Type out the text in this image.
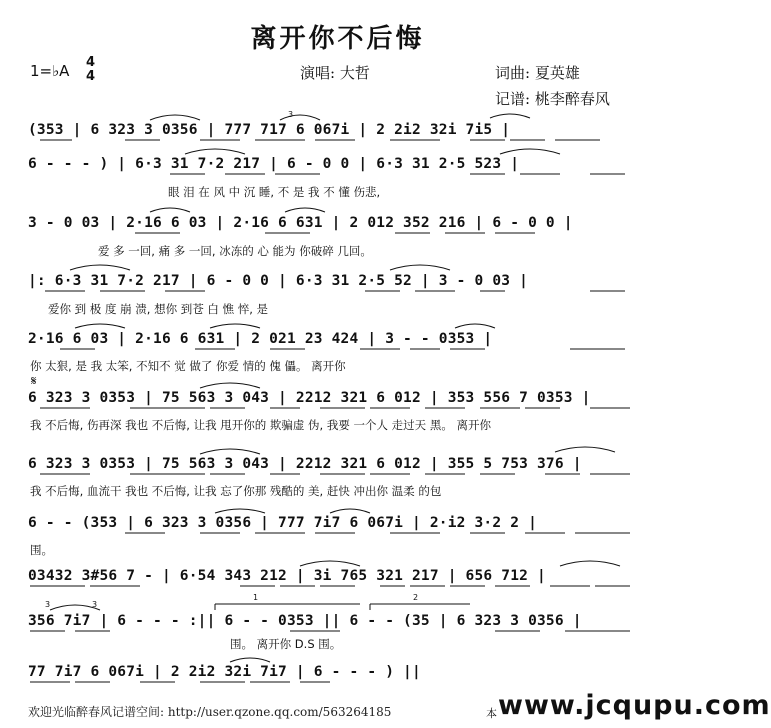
离开你不后悔
1=♭A 4
4	演唱: 大哲	词曲: 夏英雄
记谱: 桃李醉春风
(353 | 6 323 3 0356 | 777 717 6 067i | 2 2i2 32i 7i5 |
6 - - - ) | 6·3 31 7·2 217 | 6 - 0 0 | 6·3 31 2·5 523 |
眼 泪 在 风 中 沉 睡, 不 是 我 不 懂 伤悲,
3 - 0 03 | 2·16 6 03 | 2·16 6 631 | 2 012 352 216 | 6 - 0 0 |
爱 多 一回, 痛 多 一回, 冰冻的 心 能为 你破碎 几回。
|: 6·3 31 7·2 217 | 6 - 0 0 | 6·3 31 2·5 52 | 3 - 0 03 |
爱你 到 极 度 崩 溃, 想你 到苍 白 憔 悴, 是
2·16 6 03 | 2·16 6 631 | 2 021 23 424 | 3 - - 0353 |
你 太狠, 是 我 太笨, 不知不 觉 做了 你爱 情的 傀 儡。 离开你
𝄋
6 323 3 0353 | 75 563 3 043 | 2212 321 6 012 | 353 556 7 0353 |
我 不后悔, 伤再深 我也 不后悔, 让我 甩开你的 欺骗虚 伪, 我要 一个人 走过天 黑。 离开你
6 323 3 0353 | 75 563 3 043 | 2212 321 6 012 | 355 5 753 376 |
我 不后悔, 血流干 我也 不后悔, 让我 忘了你那 残酷的 美, 赶快 冲出你 温柔 的包
6 - - (353 | 6 323 3 0356 | 777 7i7 6 067i | 2·i2 3·2 2 |
围。
03432 3#56 7 - | 6·54 343 212 | 3i 765 321 217 | 656 712 |
356 7i7 | 6 - - - :|| 6 - - 0353 || 6 - - (35 | 6 323 3 0356 |
围。 离开你 D.S 围。
77 7i7 6 067i | 2 2i2 32i 7i7 | 6 - - - ) ||
欢迎光临醉春风记谱空间: http://user.qzone.qq.com/563264185	本 www.jcqupu.com
3
3
3
1	2
